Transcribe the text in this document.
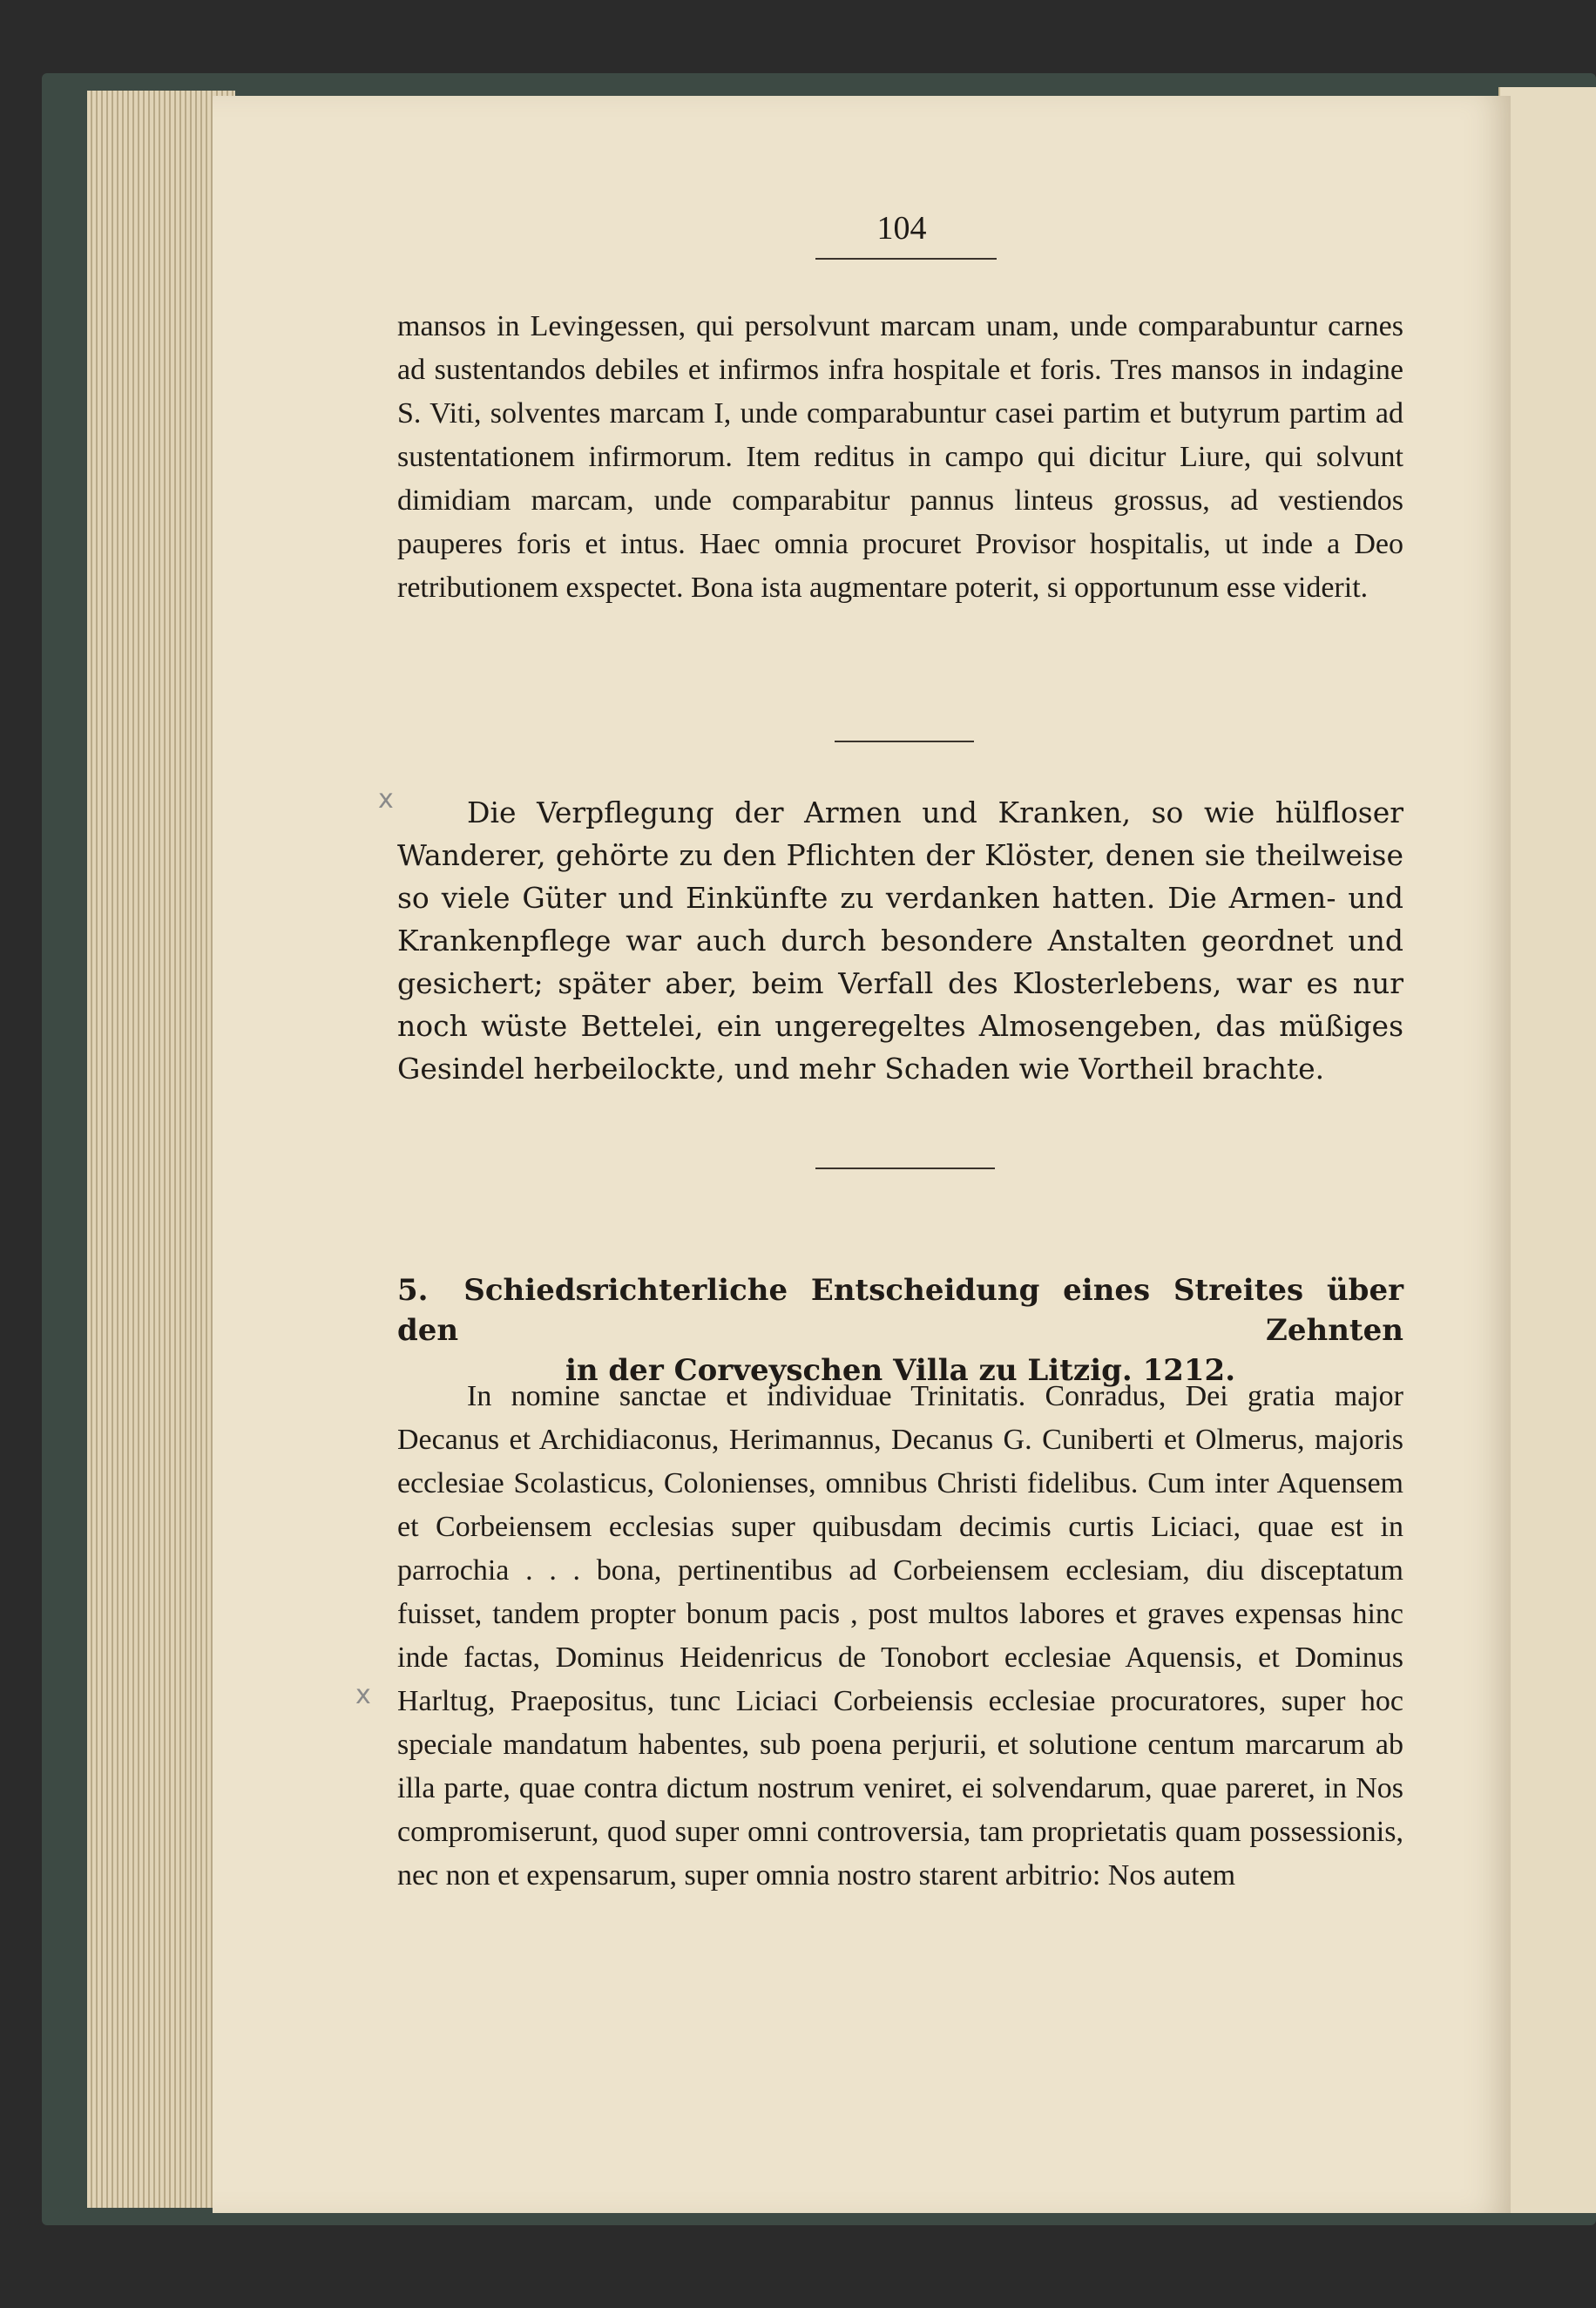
104
mansos in Levingessen, qui persolvunt marcam unam, unde comparabuntur carnes ad sustentandos debiles et infirmos infra hospitale et foris. Tres mansos in indagine S. Viti, solventes marcam I, unde comparabuntur casei partim et butyrum partim ad sustentationem infirmorum. Item reditus in campo qui dicitur Liure, qui solvunt dimidiam marcam, unde comparabitur pannus linteus grossus, ad vestiendos pauperes foris et intus. Haec omnia procuret Provisor hospitalis, ut inde a Deo retributionem exspectet. Bona ista augmentare poterit, si opportunum esse viderit.
x	Die Verpflegung der Armen und Kranken, so wie hülfloser Wanderer, gehörte zu den Pflichten der Klöster, denen sie theilweise so viele Güter und Einkünfte zu verdanken hatten. Die Armen- und Krankenpflege war auch durch besondere Anstalten geordnet und gesichert; später aber, beim Verfall des Klosterlebens, war es nur noch wüste Bettelei, ein ungeregeltes Almosengeben, das müßiges Gesindel herbeilockte, und mehr Schaden wie Vortheil brachte.
5. Schiedsrichterliche Entscheidung eines Streites über den Zehnten
in der Corveyschen Villa zu Litzig. 1212.
x
In nomine sanctae et individuae Trinitatis. Conradus, Dei gratia major Decanus et Archidiaconus, Herimannus, Decanus G. Cuniberti et Olmerus, majoris ecclesiae Scolasticus, Colonienses, omnibus Christi fidelibus. Cum inter Aquensem et Corbeiensem ecclesias super quibusdam decimis curtis Liciaci, quae est in parrochia . . . bona, pertinentibus ad Corbeiensem ecclesiam, diu disceptatum fuisset, tandem propter bonum pacis , post multos labores et graves expensas hinc inde factas, Dominus Heidenricus de Tonobort ecclesiae Aquensis, et Dominus Harltug, Praepositus, tunc Liciaci Corbeiensis ecclesiae procuratores, super hoc speciale mandatum habentes, sub poena perjurii, et solutione centum marcarum ab illa parte, quae contra dictum nostrum veniret, ei solvendarum, quae pareret, in Nos compromiserunt, quod super omni controversia, tam proprietatis quam possessionis, nec non et expensarum, super omnia nostro starent arbitrio: Nos autem
